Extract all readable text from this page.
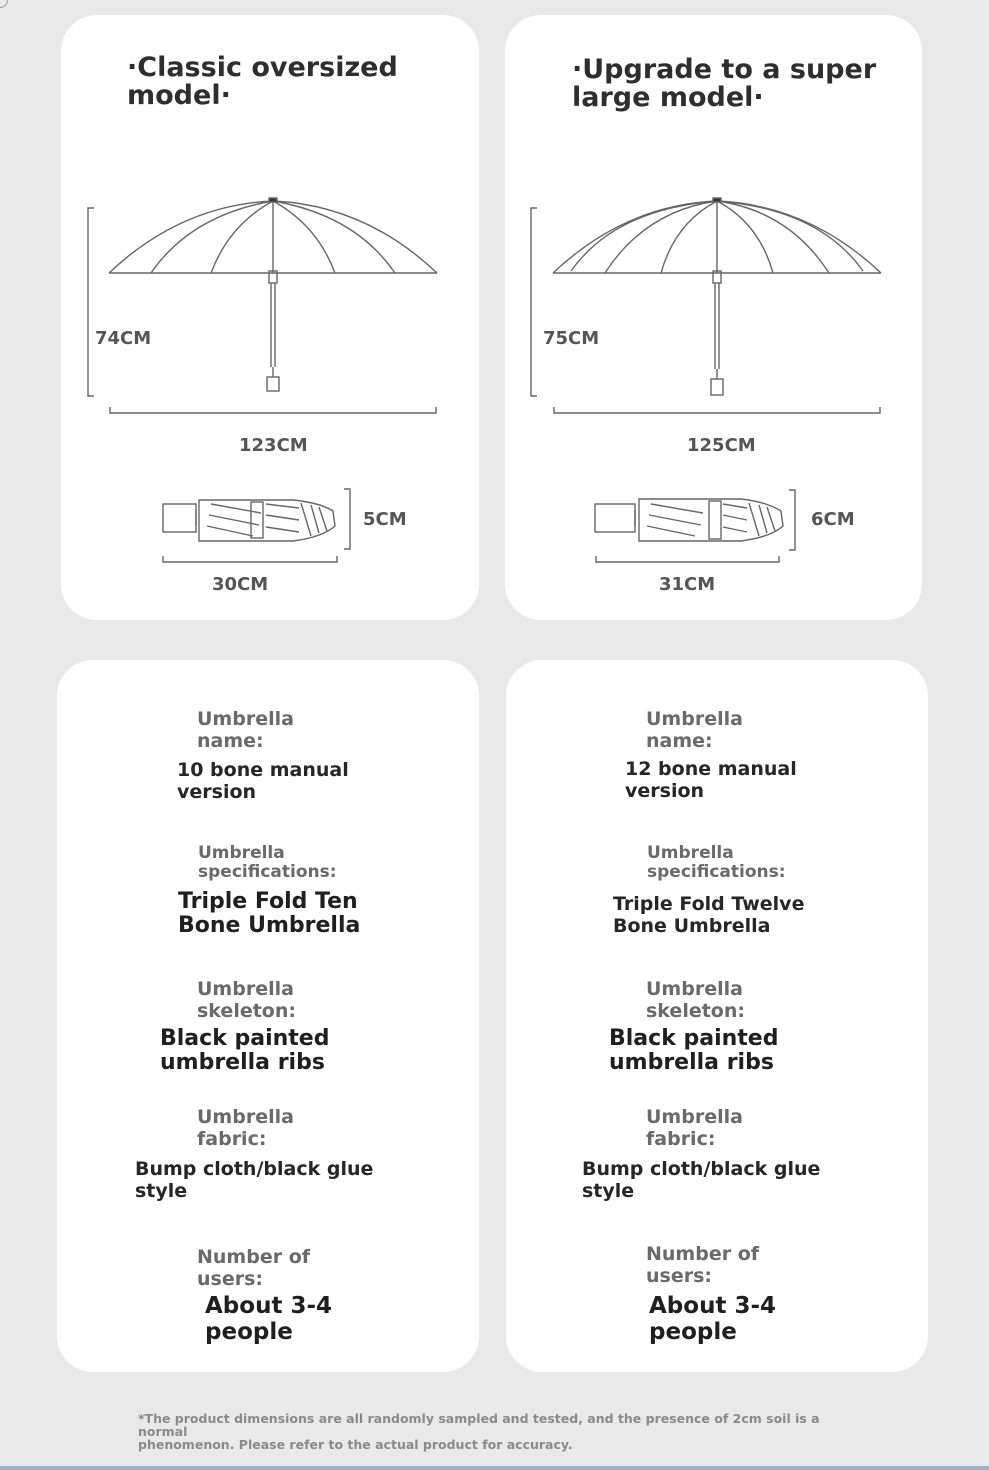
·Classic oversized
model·
74CM
123CM
5CM
30CM
·Upgrade to a super
large model·
75CM
125CM
6CM
31CM
Umbrella
name:
10 bone manual
version
Umbrella
specifications:
Triple Fold Ten
Bone Umbrella
Umbrella
skeleton:
Black painted
umbrella ribs
Umbrella
fabric:
Bump cloth/black glue
style
Number of
users:
About 3-4
people
Umbrella
name:
12 bone manual
version
Umbrella
specifications:
Triple Fold Twelve
Bone Umbrella
Umbrella
skeleton:
Black painted
umbrella ribs
Umbrella
fabric:
Bump cloth/black glue
style
Number of
users:
About 3-4
people
*The product dimensions are all randomly sampled and tested, and the presence of 2cm soil is a normal
phenomenon. Please refer to the actual product for accuracy.
